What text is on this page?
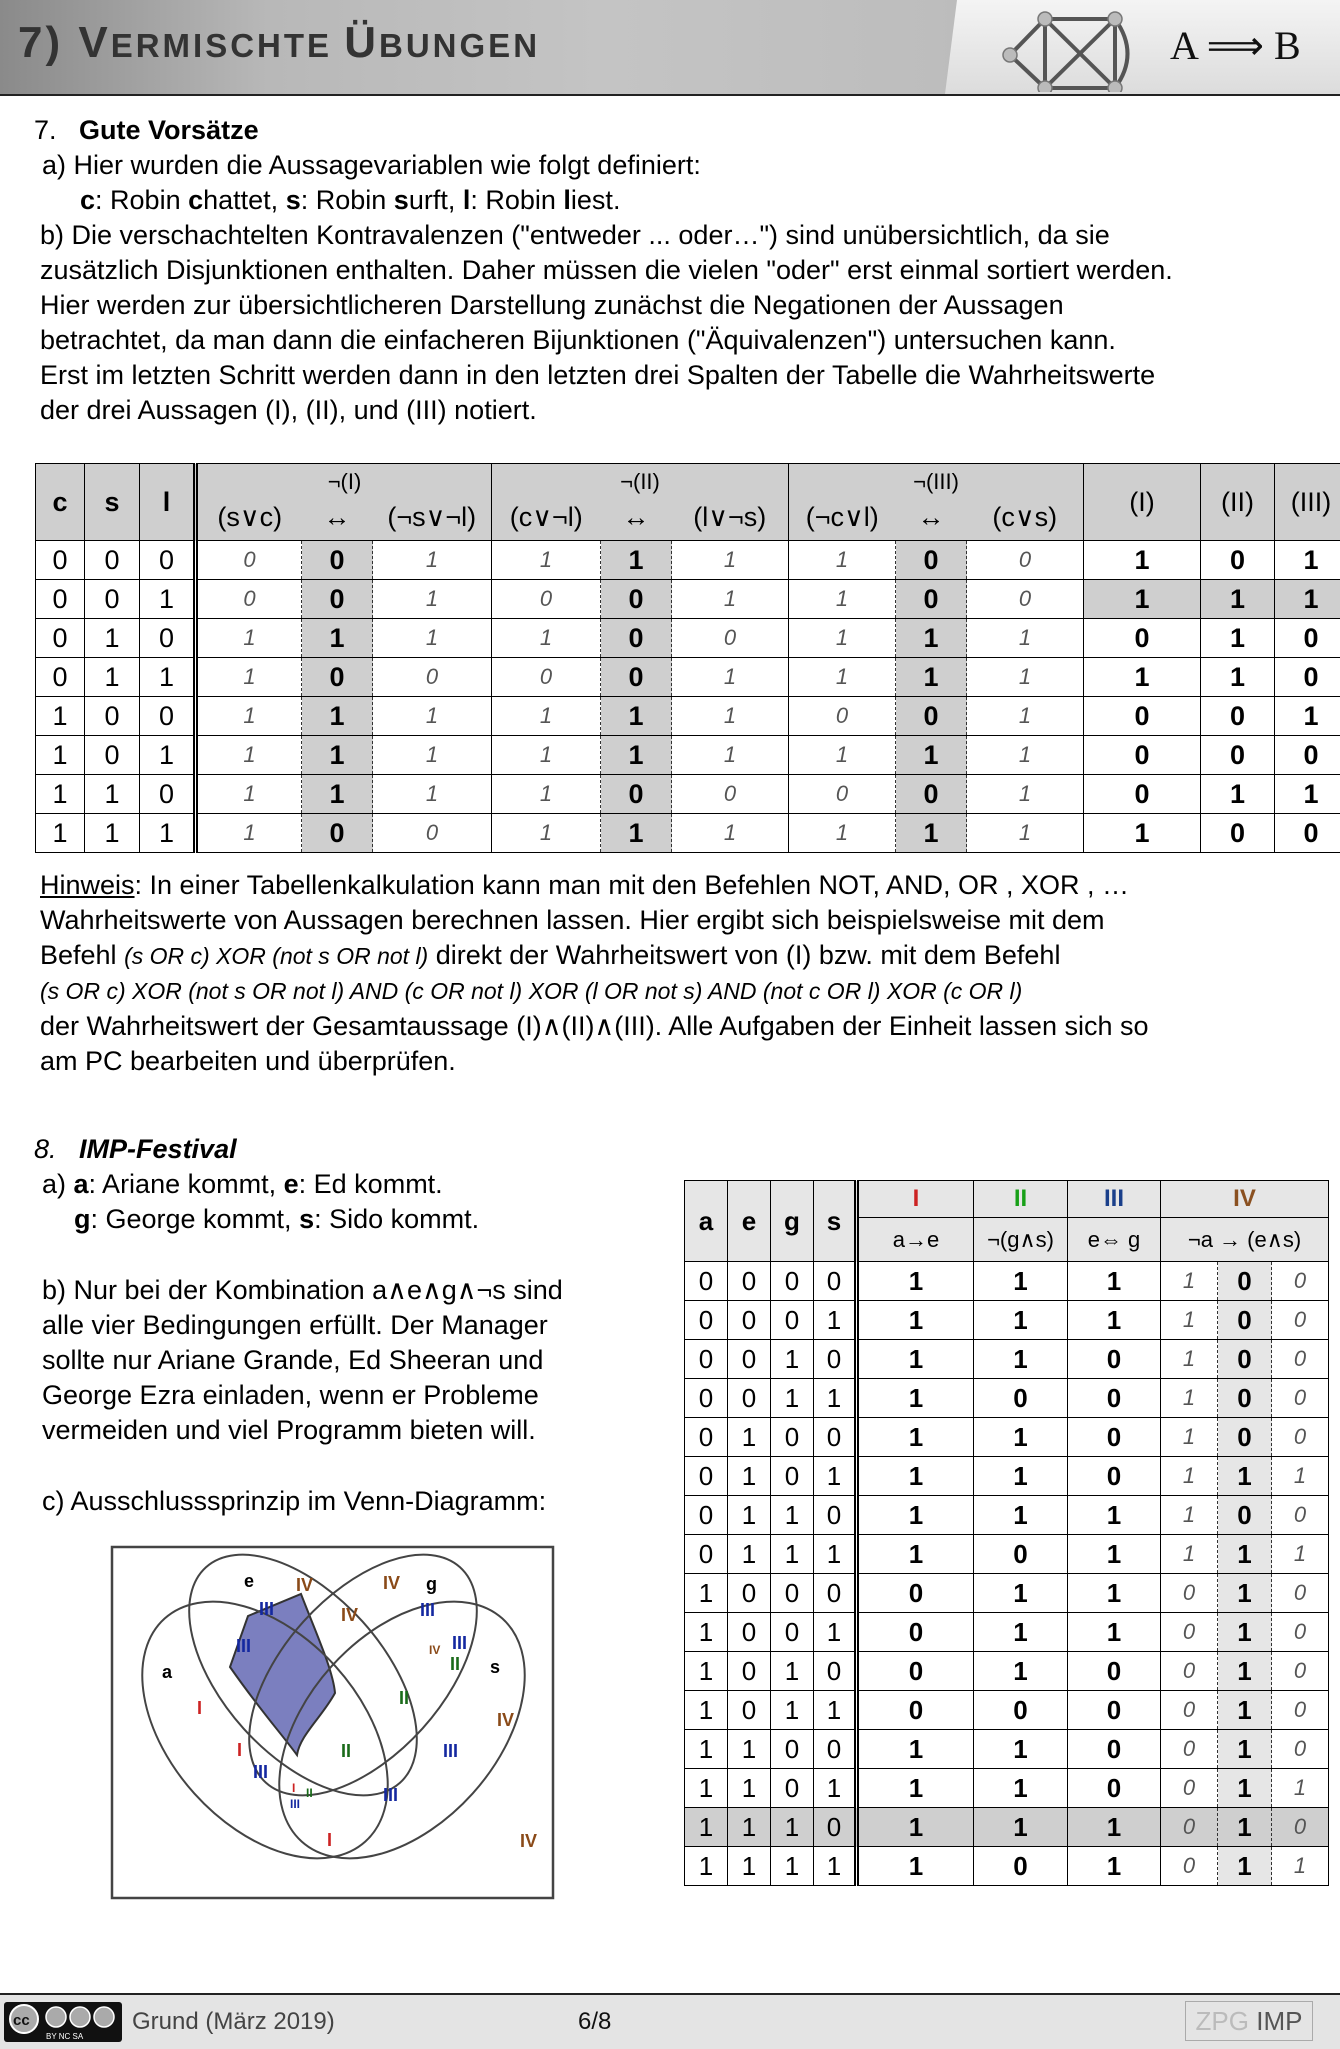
7) VERMISCHTE ÜBUNGEN	A ⟹ B
7. Gute Vorsätze
a) Hier wurden die Aussagevariablen wie folgt definiert:
c: Robin chattet, s: Robin surft, l: Robin liest.
b) Die verschachtelten Kontravalenzen ("entweder ... oder…") sind unübersichtlich, da sie
zusätzlich Disjunktionen enthalten. Daher müssen die vielen "oder" erst einmal sortiert werden.
Hier werden zur übersichtlicheren Darstellung zunächst die Negationen der Aussagen
betrachtet, da man dann die einfacheren Bijunktionen ("Äquivalenzen") untersuchen kann.
Erst im letzten Schritt werden dann in den letzten drei Spalten der Tabelle die Wahrheitswerte
der drei Aussagen (I), (II), und (III) notiert.
c	s	l	¬(I)			¬(II)			¬(III)			(I)	(II)	(III)
			(s∨c)	↔	(¬s∨¬l)	(c∨¬l)	↔	(l∨¬s)	(¬c∨l)	↔	(c∨s)			
0	0	0	0	0	1	1	1	1	1	0	0	1	0	1
0	0	1	0	0	1	0	0	1	1	0	0	1	1	1
0	1	0	1	1	1	1	0	0	1	1	1	0	1	0
0	1	1	1	0	0	0	0	1	1	1	1	1	1	0
1	0	0	1	1	1	1	1	1	0	0	1	0	0	1
1	0	1	1	1	1	1	1	1	1	1	1	0	0	0
1	1	0	1	1	1	1	0	0	0	0	1	0	1	1
1	1	1	1	0	0	1	1	1	1	1	1	1	0	0
Hinweis: In einer Tabellenkalkulation kann man mit den Befehlen NOT, AND, OR , XOR , …
Wahrheitswerte von Aussagen berechnen lassen. Hier ergibt sich beispielsweise mit dem
Befehl (s OR c) XOR (not s OR not l) direkt der Wahrheitswert von (I) bzw. mit dem Befehl
(s OR c) XOR (not s OR not l) AND (c OR not l) XOR (l OR not s) AND (not c OR l) XOR (c OR l)
der Wahrheitswert der Gesamtaussage (I)∧(II)∧(III). Alle Aufgaben der Einheit lassen sich so
am PC bearbeiten und überprüfen.
8. IMP-Festival
a) a: Ariane kommt, e: Ed kommt.
g: George kommt, s: Sido kommt.
b) Nur bei der Kombination a∧e∧g∧¬s sind
alle vier Bedingungen erfüllt. Der Manager
sollte nur Ariane Grande, Ed Sheeran und
George Ezra einladen, wenn er Probleme
vermeiden und viel Programm bieten will.
c) Ausschlusssprinzip im Venn-Diagramm:
a	e	g	s	I	II	III	IV		
				a→e	¬(g∧s)	e⇔ g	¬a → (e∧s)		
0	0	0	0	1	1	1	1	0	0
0	0	0	1	1	1	1	1	0	0
0	0	1	0	1	1	0	1	0	0
0	0	1	1	1	0	0	1	0	0
0	1	0	0	1	1	0	1	0	0
0	1	0	1	1	1	0	1	1	1
0	1	1	0	1	1	1	1	0	0
0	1	1	1	1	0	1	1	1	1
1	0	0	0	0	1	1	0	1	0
1	0	0	1	0	1	1	0	1	0
1	0	1	0	0	1	0	0	1	0
1	0	1	1	0	0	0	0	1	0
1	1	0	0	1	1	0	0	1	0
1	1	0	1	1	1	0	0	1	1
1	1	1	0	1	1	1	0	1	0
1	1	1	1	1	0	1	0	1	1
a
e	g
s
I
I
I
I
II
II
II
II
III
III
III
III
III
III
III
III
IV	IV
IV
IV
IV
IV
cc
BY NC SA
Grund (März 2019)	6/8	ZPG IMP
